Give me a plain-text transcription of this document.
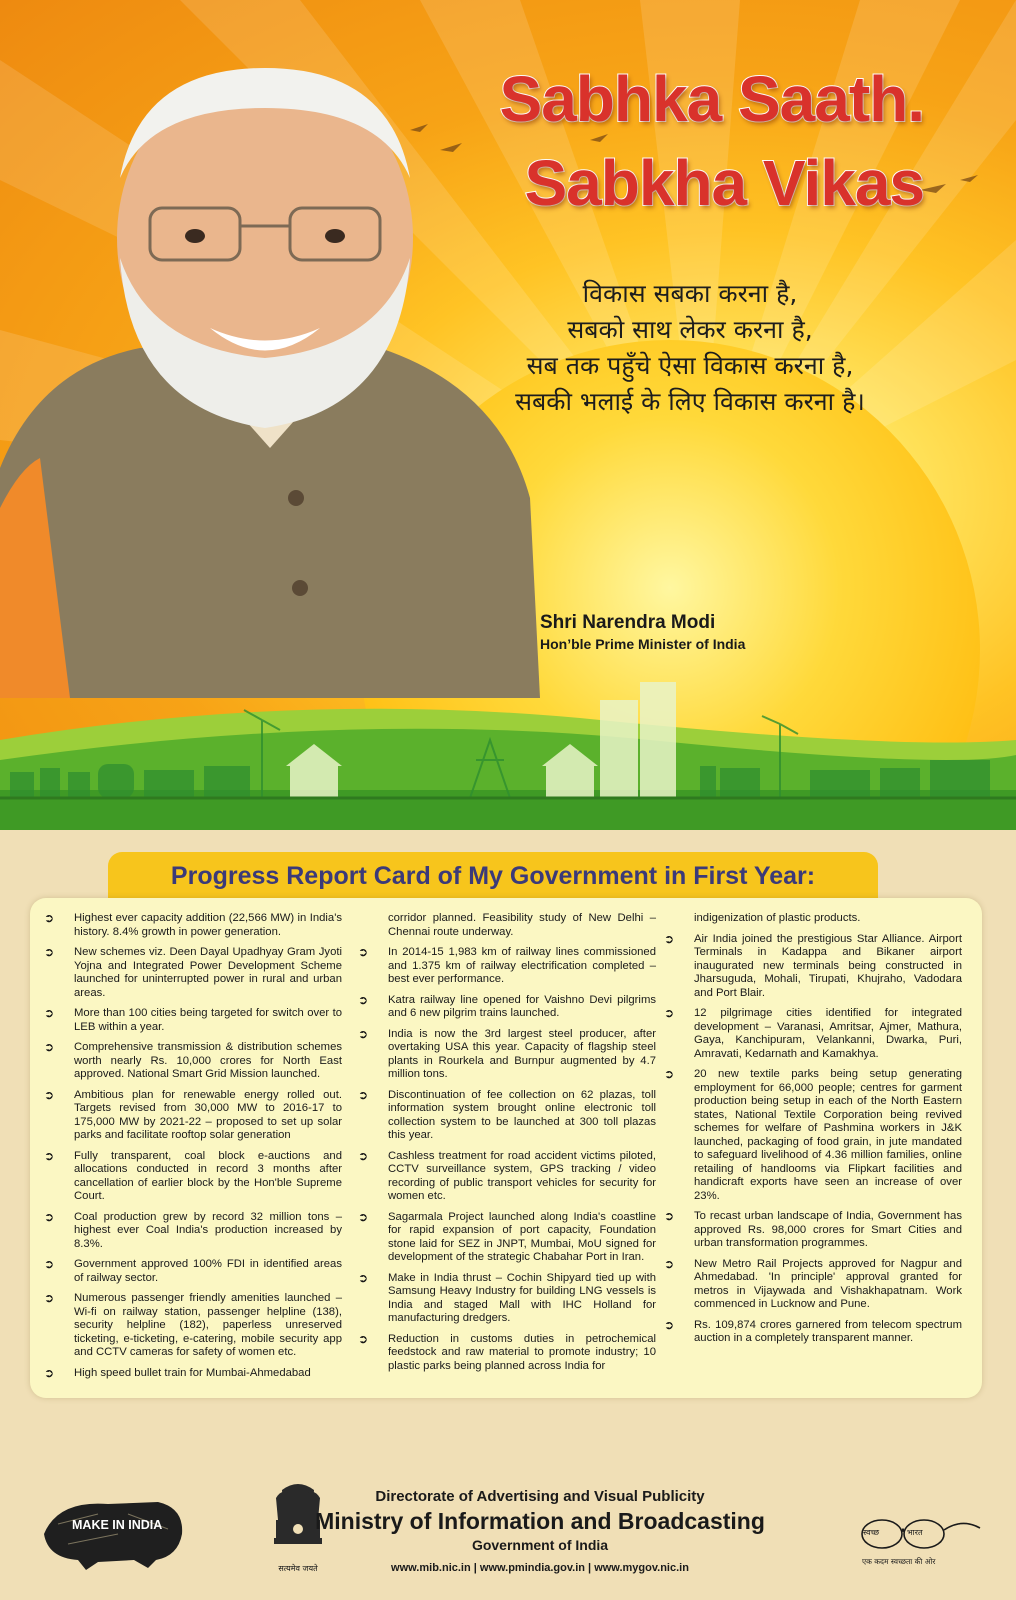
Sabhka Saath.
Sabkha Vikas
विकास सबका करना है,
सबको साथ लेकर करना है,
सब तक पहुँचे ऐसा विकास करना है,
सबकी भलाई के लिए विकास करना है।
Shri Narendra Modi
Hon’ble Prime Minister of India
Progress Report Card of My Government in First Year:
➲ Highest ever capacity addition (22,566 MW) in India's history. 8.4% growth in power generation.
➲ New schemes viz. Deen Dayal Upadhyay Gram Jyoti Yojna and Integrated Power Development Scheme launched for uninterrupted power in rural and urban areas.
➲ More than 100 cities being targeted for switch over to LEB within a year.
➲ Comprehensive transmission & distribution schemes worth nearly Rs. 10,000 crores for North East approved. National Smart Grid Mission launched.
➲ Ambitious plan for renewable energy rolled out. Targets revised from 30,000 MW to 2016-17 to 175,000 MW by 2021-22 – proposed to set up solar parks and facilitate rooftop solar generation
➲ Fully transparent, coal block e-auctions and allocations conducted in record 3 months after cancellation of earlier block by the Hon'ble Supreme Court.
➲ Coal production grew by record 32 million tons – highest ever Coal India's production increased by 8.3%.
➲ Government approved 100% FDI in identified areas of railway sector.
➲ Numerous passenger friendly amenities launched – Wi-fi on railway station, passenger helpline (138), security helpline (182), paperless unreserved ticketing, e-ticketing, e-catering, mobile security app and CCTV cameras for safety of women etc.
➲ High speed bullet train for Mumbai-Ahmedabad
corridor planned. Feasibility study of New Delhi – Chennai route underway.
➲ In 2014-15 1,983 km of railway lines commissioned and 1.375 km of railway electrification completed – best ever performance.
➲ Katra railway line opened for Vaishno Devi pilgrims and 6 new pilgrim trains launched.
➲ India is now the 3rd largest steel producer, after overtaking USA this year. Capacity of flagship steel plants in Rourkela and Burnpur augmented by 4.7 million tons.
➲ Discontinuation of fee collection on 62 plazas, toll information system brought online electronic toll collection system to be launched at 300 toll plazas this year.
➲ Cashless treatment for road accident victims piloted, CCTV surveillance system, GPS tracking / video recording of public transport vehicles for security for women etc.
➲ Sagarmala Project launched along India's coastline for rapid expansion of port capacity, Foundation stone laid for SEZ in JNPT, Mumbai, MoU signed for development of the strategic Chabahar Port in Iran.
➲ Make in India thrust – Cochin Shipyard tied up with Samsung Heavy Industry for building LNG vessels is India and staged Mall with IHC Holland for manufacturing dredgers.
➲ Reduction in customs duties in petrochemical feedstock and raw material to promote industry; 10 plastic parks being planned across India for
indigenization of plastic products.
➲ Air India joined the prestigious Star Alliance. Airport Terminals in Kadappa and Bikaner airport inaugurated new terminals being constructed in Jharsuguda, Mohali, Tirupati, Khujraho, Vadodara and Port Blair.
➲ 12 pilgrimage cities identified for integrated development – Varanasi, Amritsar, Ajmer, Mathura, Gaya, Kanchipuram, Velankanni, Dwarka, Puri, Amravati, Kedarnath and Kamakhya.
➲ 20 new textile parks being setup generating employment for 66,000 people; centres for garment production being setup in each of the North Eastern states, National Textile Corporation being revived schemes for welfare of Pashmina workers in J&K launched, packaging of food grain, in jute mandated to safeguard livelihood of 4.36 million families, online retailing of handlooms via Flipkart facilities and handicraft exports have seen an increase of over 23%.
➲ To recast urban landscape of India, Government has approved Rs. 98,000 crores for Smart Cities and urban transformation programmes.
➲ New Metro Rail Projects approved for Nagpur and Ahmedabad. 'In principle' approval granted for metros in Vijaywada and Vishakhapatnam. Work commenced in Lucknow and Pune.
➲ Rs. 109,874 crores garnered from telecom spectrum auction in a completely transparent manner.
MAKE IN INDIA
सत्यमेव जयते
Directorate of Advertising and Visual Publicity
Ministry of Information and Broadcasting
Government of India
www.mib.nic.in | www.pmindia.gov.in | www.mygov.nic.in
स्वच्छ	भारत
एक कदम स्वच्छता की ओर
